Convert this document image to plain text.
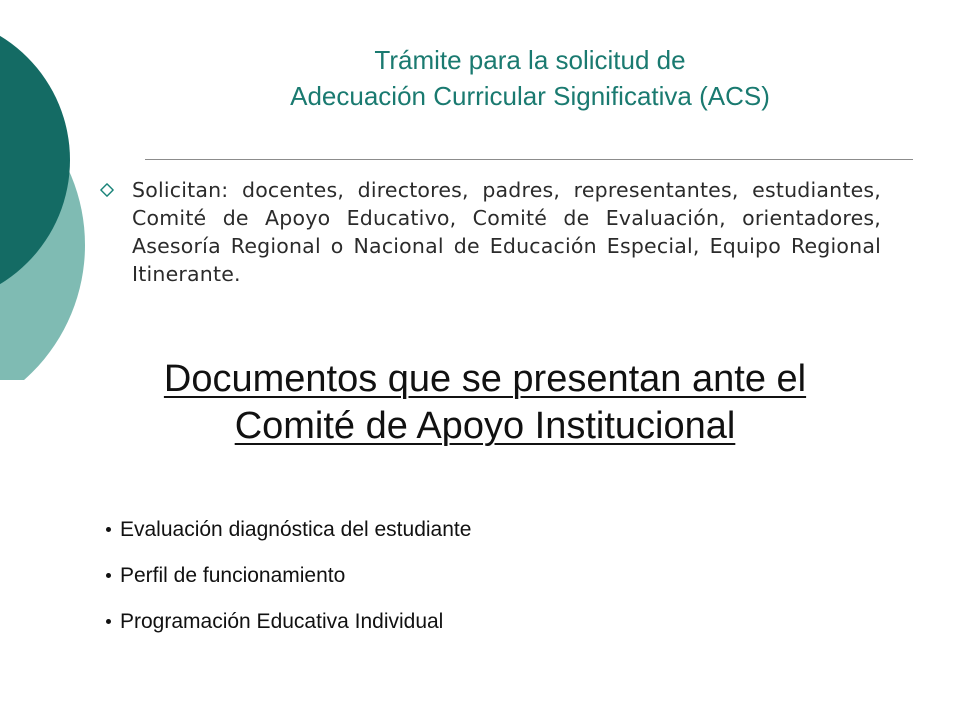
Trámite para la solicitud de
Adecuación Curricular Significativa (ACS)
Solicitan: docentes, directores, padres, representantes, estudiantes, Comité de Apoyo Educativo, Comité de Evaluación, orientadores, Asesoría Regional o Nacional de Educación Especial, Equipo Regional Itinerante.
Documentos que se presentan ante el
Comité de Apoyo Institucional
Evaluación diagnóstica del estudiante
Perfil de funcionamiento
Programación Educativa Individual
